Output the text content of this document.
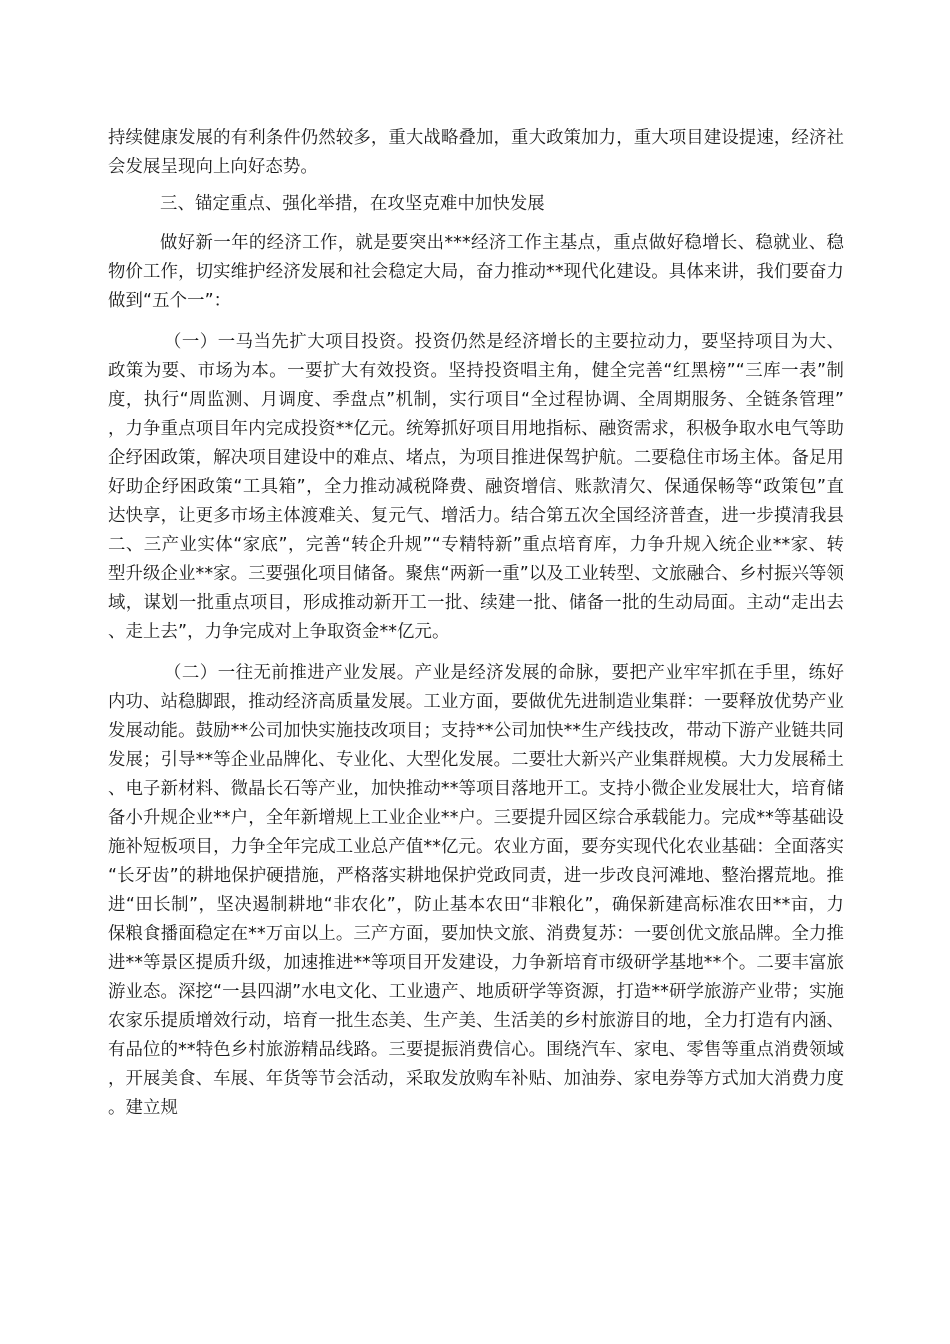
持续健康发展的有利条件仍然较多，重大战略叠加，重大政策加力，重大项目建设提速，经济社会发展呈现向上向好态势。

三、锚定重点、强化举措，在攻坚克难中加快发展

做好新一年的经济工作，就是要突出***经济工作主基点，重点做好稳增长、稳就业、稳物价工作，切实维护经济发展和社会稳定大局，奋力推动**现代化建设。具体来讲，我们要奋力做到“五个一”：

（一）一马当先扩大项目投资。投资仍然是经济增长的主要拉动力，要坚持项目为大、政策为要、市场为本。一要扩大有效投资。坚持投资唱主角，健全完善“红黑榜”“三库一表”制度，执行“周监测、月调度、季盘点”机制，实行项目“全过程协调、全周期服务、全链条管理”，力争重点项目年内完成投资**亿元。统筹抓好项目用地指标、融资需求，积极争取水电气等助企纾困政策，解决项目建设中的难点、堵点，为项目推进保驾护航。二要稳住市场主体。备足用好助企纾困政策“工具箱”，全力推动减税降费、融资增信、账款清欠、保通保畅等“政策包”直达快享，让更多市场主体渡难关、复元气、增活力。结合第五次全国经济普查，进一步摸清我县二、三产业实体“家底”，完善“转企升规”“专精特新”重点培育库，力争升规入统企业**家、转型升级企业**家。三要强化项目储备。聚焦“两新一重”以及工业转型、文旅融合、乡村振兴等领域，谋划一批重点项目，形成推动新开工一批、续建一批、储备一批的生动局面。主动“走出去、走上去”，力争完成对上争取资金**亿元。

（二）一往无前推进产业发展。产业是经济发展的命脉，要把产业牢牢抓在手里，练好内功、站稳脚跟，推动经济高质量发展。工业方面，要做优先进制造业集群：一要释放优势产业发展动能。鼓励**公司加快实施技改项目；支持**公司加快**生产线技改，带动下游产业链共同发展；引导**等企业品牌化、专业化、大型化发展。二要壮大新兴产业集群规模。大力发展稀土、电子新材料、微晶长石等产业，加快推动**等项目落地开工。支持小微企业发展壮大，培育储备小升规企业**户，全年新增规上工业企业**户。三要提升园区综合承载能力。完成**等基础设施补短板项目，力争全年完成工业总产值**亿元。农业方面，要夯实现代化农业基础：全面落实“长牙齿”的耕地保护硬措施，严格落实耕地保护党政同责，进一步改良河滩地、整治撂荒地。推进“田长制”，坚决遏制耕地“非农化”，防止基本农田“非粮化”，确保新建高标准农田**亩，力保粮食播面稳定在**万亩以上。三产方面，要加快文旅、消费复苏：一要创优文旅品牌。全力推进**等景区提质升级，加速推进**等项目开发建设，力争新培育市级研学基地**个。二要丰富旅游业态。深挖“一县四湖”水电文化、工业遗产、地质研学等资源，打造**研学旅游产业带；实施农家乐提质增效行动，培育一批生态美、生产美、生活美的乡村旅游目的地，全力打造有内涵、有品位的**特色乡村旅游精品线路。三要提振消费信心。围绕汽车、家电、零售等重点消费领域，开展美食、车展、年货等节会活动，采取发放购车补贴、加油券、家电券等方式加大消费力度。建立规
